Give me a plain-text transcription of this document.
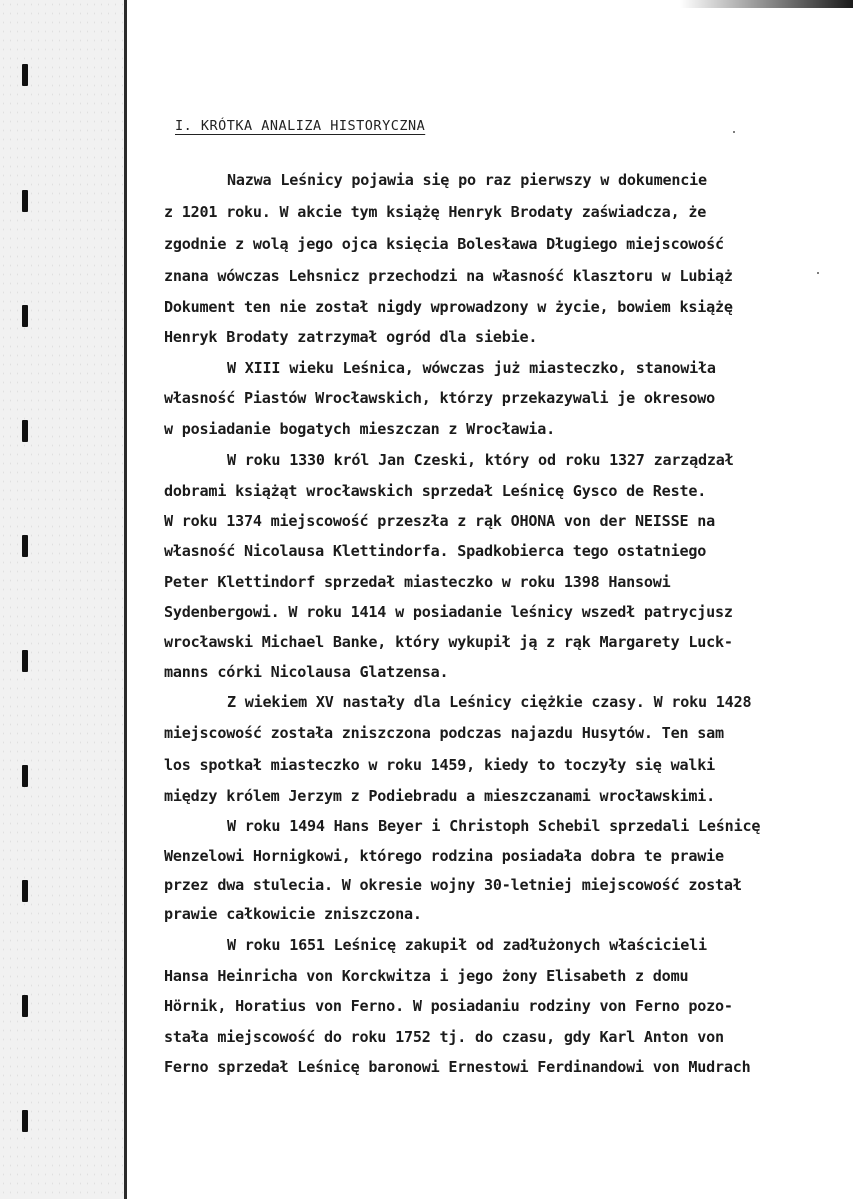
I. KRÓTKA ANALIZA HISTORYCZNA
Nazwa Leśnicy pojawia się po raz pierwszy w dokumencie
z 1201 roku. W akcie tym książę Henryk Brodaty zaświadcza, że
zgodnie z wolą jego ojca księcia Bolesława Długiego miejscowość
znana wówczas Lehsnicz przechodzi na własność klasztoru w Lubiąż
Dokument ten nie został nigdy wprowadzony w życie, bowiem książę
Henryk Brodaty zatrzymał ogród dla siebie.
W XIII wieku Leśnica, wówczas już miasteczko, stanowiła
własność Piastów Wrocławskich, którzy przekazywali je okresowo
w posiadanie bogatych mieszczan z Wrocławia.
W roku 1330 król Jan Czeski, który od roku 1327 zarządzał
dobrami książąt wrocławskich sprzedał Leśnicę Gysco de Reste.
W roku 1374 miejscowość przeszła z rąk OHONA von der NEISSE na
własność Nicolausa Klettindorfa. Spadkobierca tego ostatniego
Peter Klettindorf sprzedał miasteczko w roku 1398 Hansowi
Sydenbergowi. W roku 1414 w posiadanie leśnicy wszedł patrycjusz
wrocławski Michael Banke, który wykupił ją z rąk Margarety Luck-
manns córki Nicolausa Glatzensa.
Z wiekiem XV nastały dla Leśnicy ciężkie czasy. W roku 1428
miejscowość została zniszczona podczas najazdu Husytów. Ten sam
los spotkał miasteczko w roku 1459, kiedy to toczyły się walki
między królem Jerzym z Podiebradu a mieszczanami wrocławskimi.
W roku 1494 Hans Beyer i Christoph Schebil sprzedali Leśnicę
Wenzelowi Hornigkowi, którego rodzina posiadała dobra te prawie
przez dwa stulecia. W okresie wojny 30-letniej miejscowość został
prawie całkowicie zniszczona.
W roku 1651 Leśnicę zakupił od zadłużonych właścicieli
Hansa Heinricha von Korckwitza i jego żony Elisabeth z domu
Hörnik, Horatius von Ferno. W posiadaniu rodziny von Ferno pozo-
stała miejscowość do roku 1752 tj. do czasu, gdy Karl Anton von
Ferno sprzedał Leśnicę baronowi Ernestowi Ferdinandowi von Mudrach
